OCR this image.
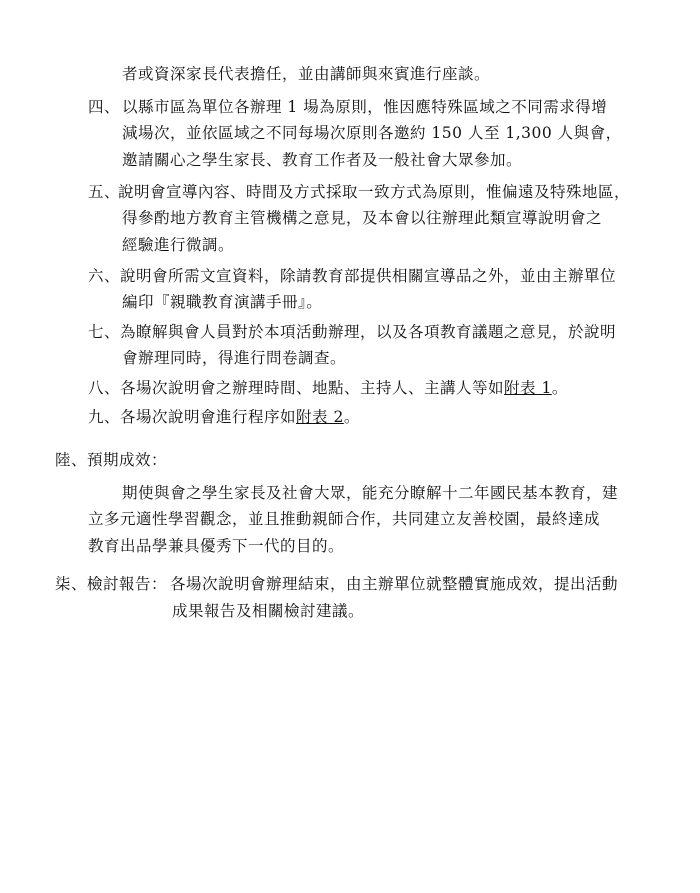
者或資深家長代表擔任，並由講師與來賓進行座談。
四、 以縣市區為單位各辦理 1 場為原則，惟因應特殊區域之不同需求得增
減場次，並依區域之不同每場次原則各邀約 150 人至 1,300 人與會，
邀請關心之學生家長、教育工作者及一般社會大眾參加。
五、
說明會宣導內容、時間及方式採取一致方式為原則，惟偏遠及特殊地區，
得參酌地方教育主管機構之意見，及本會以往辦理此類宣導說明會之
經驗進行微調。
六、 說明會所需文宣資料，除請教育部提供相關宣導品之外，並由主辦單位
編印『親職教育演講手冊』。
七、 為瞭解與會人員對於本項活動辦理，以及各項教育議題之意見，於說明
會辦理同時，得進行問卷調查。
八、各場次說明會之辦理時間、地點、主持人、主講人等如附表 1。
九、各場次說明會進行程序如附表 2。
陸、預期成效：
期使與會之學生家長及社會大眾，能充分瞭解十二年國民基本教育，建
立多元適性學習觀念，並且推動親師合作，共同建立友善校園，最終達成
教育出品學兼具優秀下一代的目的。
柒、檢討報告： 各場次說明會辦理結束，由主辦單位就整體實施成效，提出活動
成果報告及相關檢討建議。
